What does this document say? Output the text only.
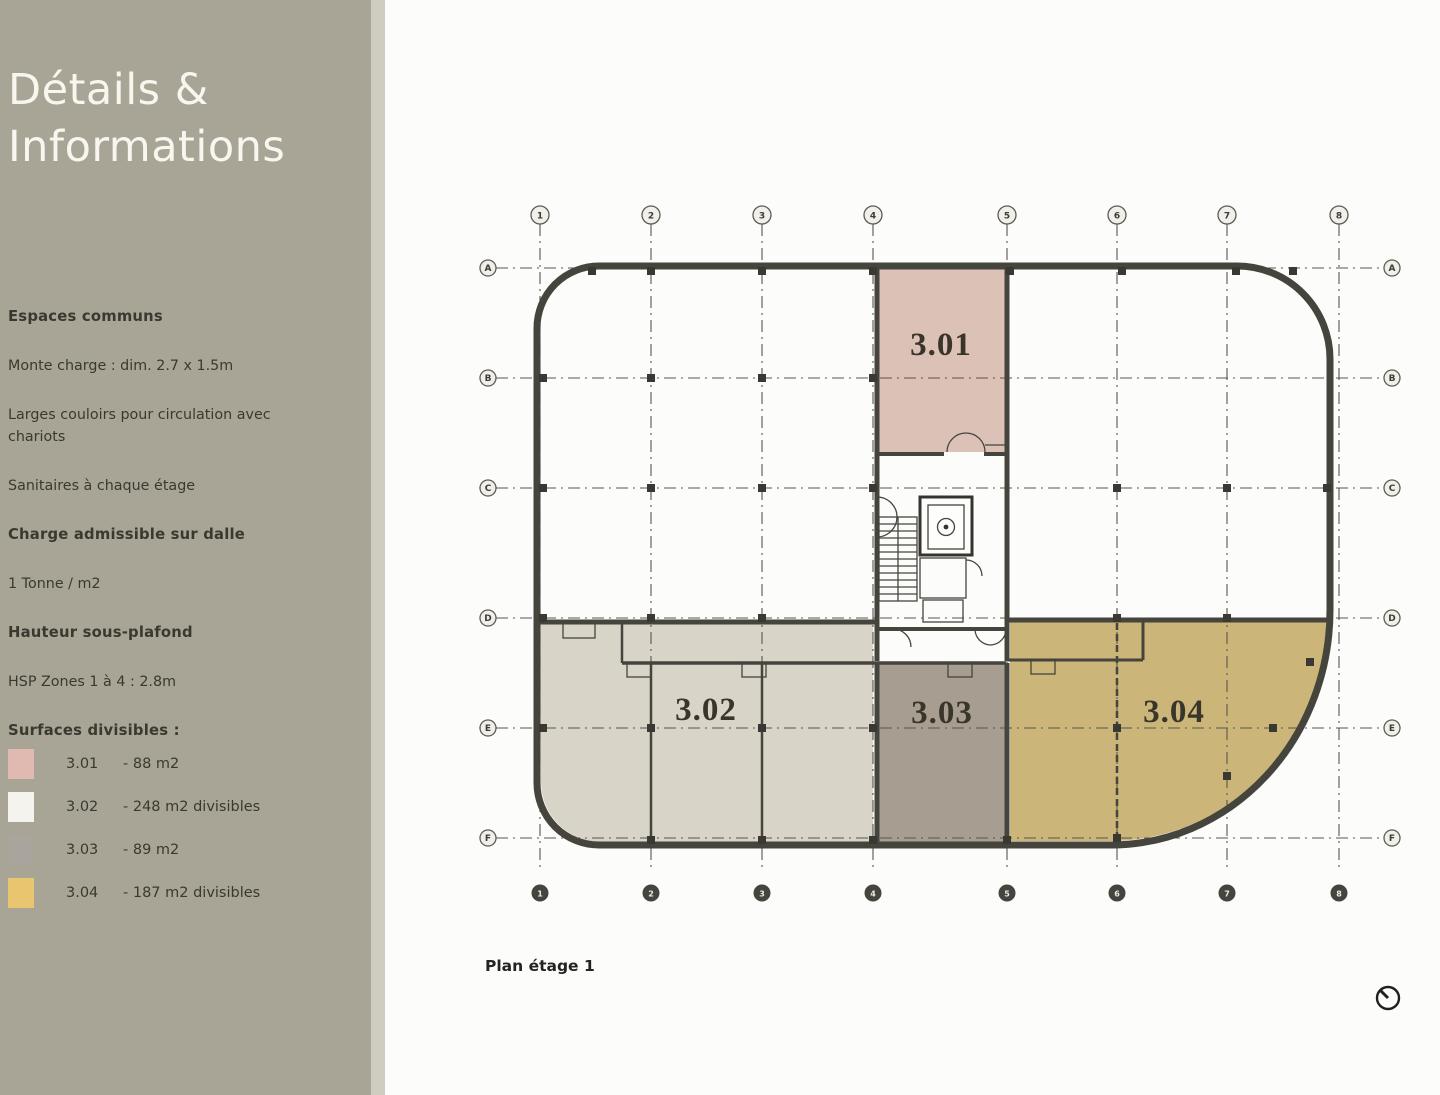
Détails & Informations

Espaces communs

Monte charge : dim. 2.7 x 1.5m

Larges couloirs pour circulation avec chariots

Sanitaires à chaque étage

Charge admissible sur dalle

1 Tonne / m2

Hauteur sous-plafond

HSP Zones 1 à 4 : 2.8m

Surfaces divisibles :

3.01	- 88 m2
3.02	- 248 m2 divisibles
3.03	- 89 m2
3.04	- 187 m2 divisibles
1
1
2
2
3
3
4
4
5
5
6
6
7
7
8
8
A	A
B	B
C	C
D	D
E	E
F	F
3.01
3.02	3.03	3.04
Plan étage 1
